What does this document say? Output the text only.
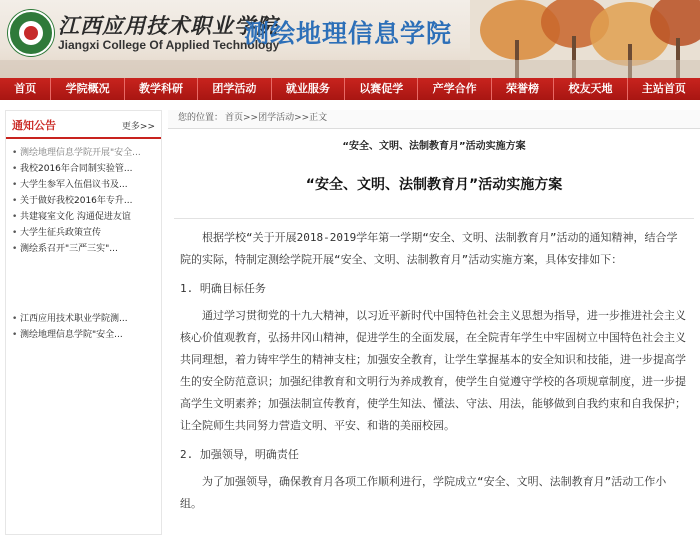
江西应用技术职业学院
Jiangxi College Of Applied Technology
测绘地理信息学院
首页	学院概况	教学科研	团学活动	就业服务	以赛促学	产学合作	荣誉榜	校友天地	主站首页
通知公告	更多>>
• 测绘地理信息学院开展"安全...
• 我校2016年合同制实验管...
• 大学生参军入伍倡议书及...
• 关于做好我校2016年专升...
• 共建寝室文化 沟通促进友谊
• 大学生征兵政策宣传
• 测绘系召开"三严三实"...
• 江西应用技术职业学院测...
• 测绘地理信息学院"安全...
您的位置： 首页>>团学活动>>正文
“安全、文明、法制教育月”活动实施方案
“安全、文明、法制教育月”活动实施方案

根据学校“关于开展2018-2019学年第一学期“安全、文明、法制教育月”活动的通知精神，结合学院的实际，特制定测绘学院开展“安全、文明、法制教育月”活动实施方案，具体安排如下：

1. 明确目标任务

通过学习贯彻党的十九大精神，以习近平新时代中国特色社会主义思想为指导，进一步推进社会主义核心价值观教育，弘扬井冈山精神，促进学生的全面发展，在全院青年学生中牢固树立中国特色社会主义共同理想，着力铸牢学生的精神支柱；加强安全教育，让学生掌握基本的安全知识和技能，进一步提高学生的安全防范意识；加强纪律教育和文明行为养成教育，使学生自觉遵守学校的各项规章制度，进一步提高学生文明素养；加强法制宣传教育，使学生知法、懂法、守法、用法，能够做到自我约束和自我保护；让全院师生共同努力营造文明、平安、和谐的美丽校园。

2. 加强领导，明确责任

为了加强领导，确保教育月各项工作顺利进行，学院成立“安全、文明、法制教育月”活动工作小组。
